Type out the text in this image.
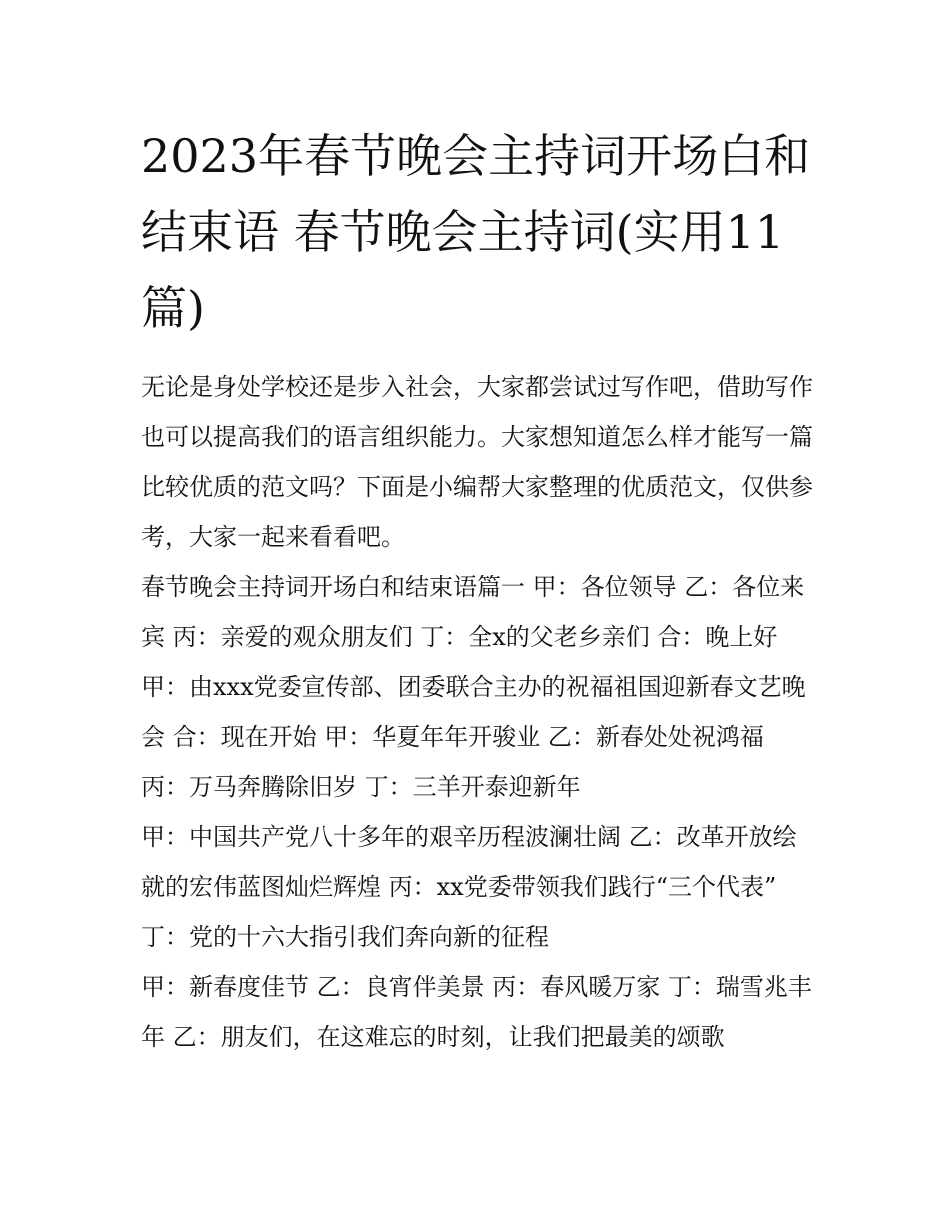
2023年春节晚会主持词开场白和结束语 春节晚会主持词(实用11篇)

无论是身处学校还是步入社会，大家都尝试过写作吧，借助写作也可以提高我们的语言组织能力。大家想知道怎么样才能写一篇比较优质的范文吗？下面是小编帮大家整理的优质范文，仅供参考，大家一起来看看吧。

春节晚会主持词开场白和结束语篇一 甲：各位领导 乙：各位来宾 丙：亲爱的观众朋友们 丁：全x的父老乡亲们 合：晚上好

甲：由xxx党委宣传部、团委联合主办的祝福祖国迎新春文艺晚会 合：现在开始 甲：华夏年年开骏业 乙：新春处处祝鸿福 丙：万马奔腾除旧岁 丁：三羊开泰迎新年

甲：中国共产党八十多年的艰辛历程波澜壮阔 乙：改革开放绘就的宏伟蓝图灿烂辉煌 丙：xx党委带领我们践行“三个代表” 丁：党的十六大指引我们奔向新的征程

甲：新春度佳节 乙：良宵伴美景 丙：春风暖万家 丁：瑞雪兆丰年 乙：朋友们，在这难忘的时刻，让我们把最美的颂歌
